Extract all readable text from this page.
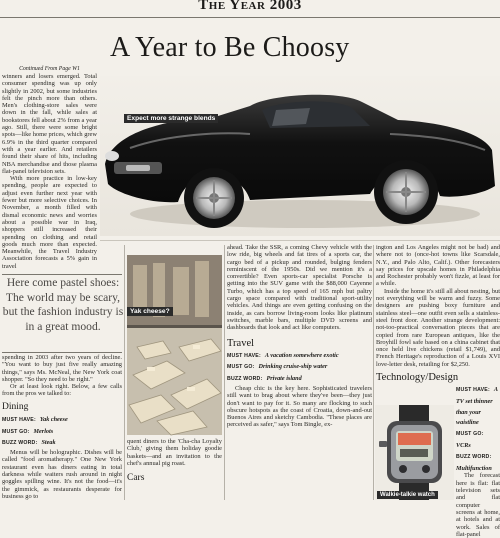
The Year 2003
A Year to Be Choosy
Continued From Page W1
winners and losers emerged. Total consumer spending was up only slightly in 2002, but some industries felt the pinch more than others. Men's clothing-store sales were down in the fall, while sales at bookstores fell about 2% from a year ago. Still, there were some bright spots—like home prices, which grew 6.9% in the third quarter compared with a year earlier. And retailers found their share of hits, including NBA merchandise and those plasma flat-panel television sets.
With more practice in low-key spending, people are expected to adjust even further next year with fewer but more selective choices. In November, a month filled with dismal economic news and worries about a possible war in Iraq, shoppers still increased their spending on clothing and retail goods much more than expected. Meanwhile, the Travel Industry Association forecasts a 5% gain in travel
Expect more strange blends
Here come pastel shoes: The world may be scary, but the fashion industry is in a great mood.
spending in 2003 after two years of decline. "You want to buy just five really amazing things," says Ms. McNeal, the New York coat shopper. "So they need to be right."
Or at least look right. Below, a few calls from the pros we talked to:
Dining
MUST HAVE: Yak cheese
MUST GO: Merlots
BUZZ WORD: Steak
Menus will be holographic. Dishes will be called "food aromatherapy." One New York restaurant even has diners eating in total darkness while waiters rush around in night goggles spilling wine. It's not the food—it's the gimmick, as restaurants desperate for business go to
Yak cheese?
quent diners to the 'Cha-cha Loyalty Club,' giving them holiday goodie baskets—and an invitation to the chef's annual pig roast.
Cars
ahead. Take the SSR, a coming Chevy vehicle with the low ride, big wheels and fat tires of a sports car, the cargo bed of a pickup and rounded, bulging fenders reminiscent of the 1950s. Did we mention it's a convertible? Even sports-car specialist Porsche is getting into the SUV game with the $88,000 Cayenne Turbo, which has a top speed of 165 mph but paltry cargo space compared with traditional sport-utility vehicles. And things are even getting confusing on the inside, as cars borrow living-room looks like platinum switches, marble bars, multiple DVD screens and dashboards that look and act like computers.
Travel
MUST HAVE: A vacation somewhere exotic
MUST GO: Drinking cruise-ship water
BUZZ WORD: Private island
Cheap chic is the key here. Sophisticated travelers still want to brag about where they've been—they just don't want to pay for it. So many are flocking to such obscure hotspots as the coast of Croatia, down-and-out Buenos Aires and sketchy Cambodia. "These places are perceived as safer," says Tom Bingle, ex-
ington and Los Angeles might not be bad) and where not to (once-hot towns like Scarsdale, N.Y., and Palo Alto, Calif.). Other forecasters say prices for upscale homes in Philadelphia and Rochester probably won't fizzle, at least for a while.
Inside the home it's still all about nesting, but not everything will be warm and fuzzy. Some designers are pushing boxy furniture and stainless steel—one outfit even sells a stainless-steel front door. Another strange development: not-too-practical conversation pieces that are copied from rare European antiques, like the Broyhill fowl safe based on a china cabinet that once held live chickens (retail $1,749), and French Heritage's reproduction of a Louis XVI love-letter desk, retailing for $2,250.
Technology/Design
MUST HAVE: A TV set thinner than your waistline
MUST GO: VCRs
BUZZ WORD: Multifunction
The forecast here is flat: flat television sets and flat computer screens at home, at hotels and at work. Sales of flat-panel
Walkie-talkie watch
